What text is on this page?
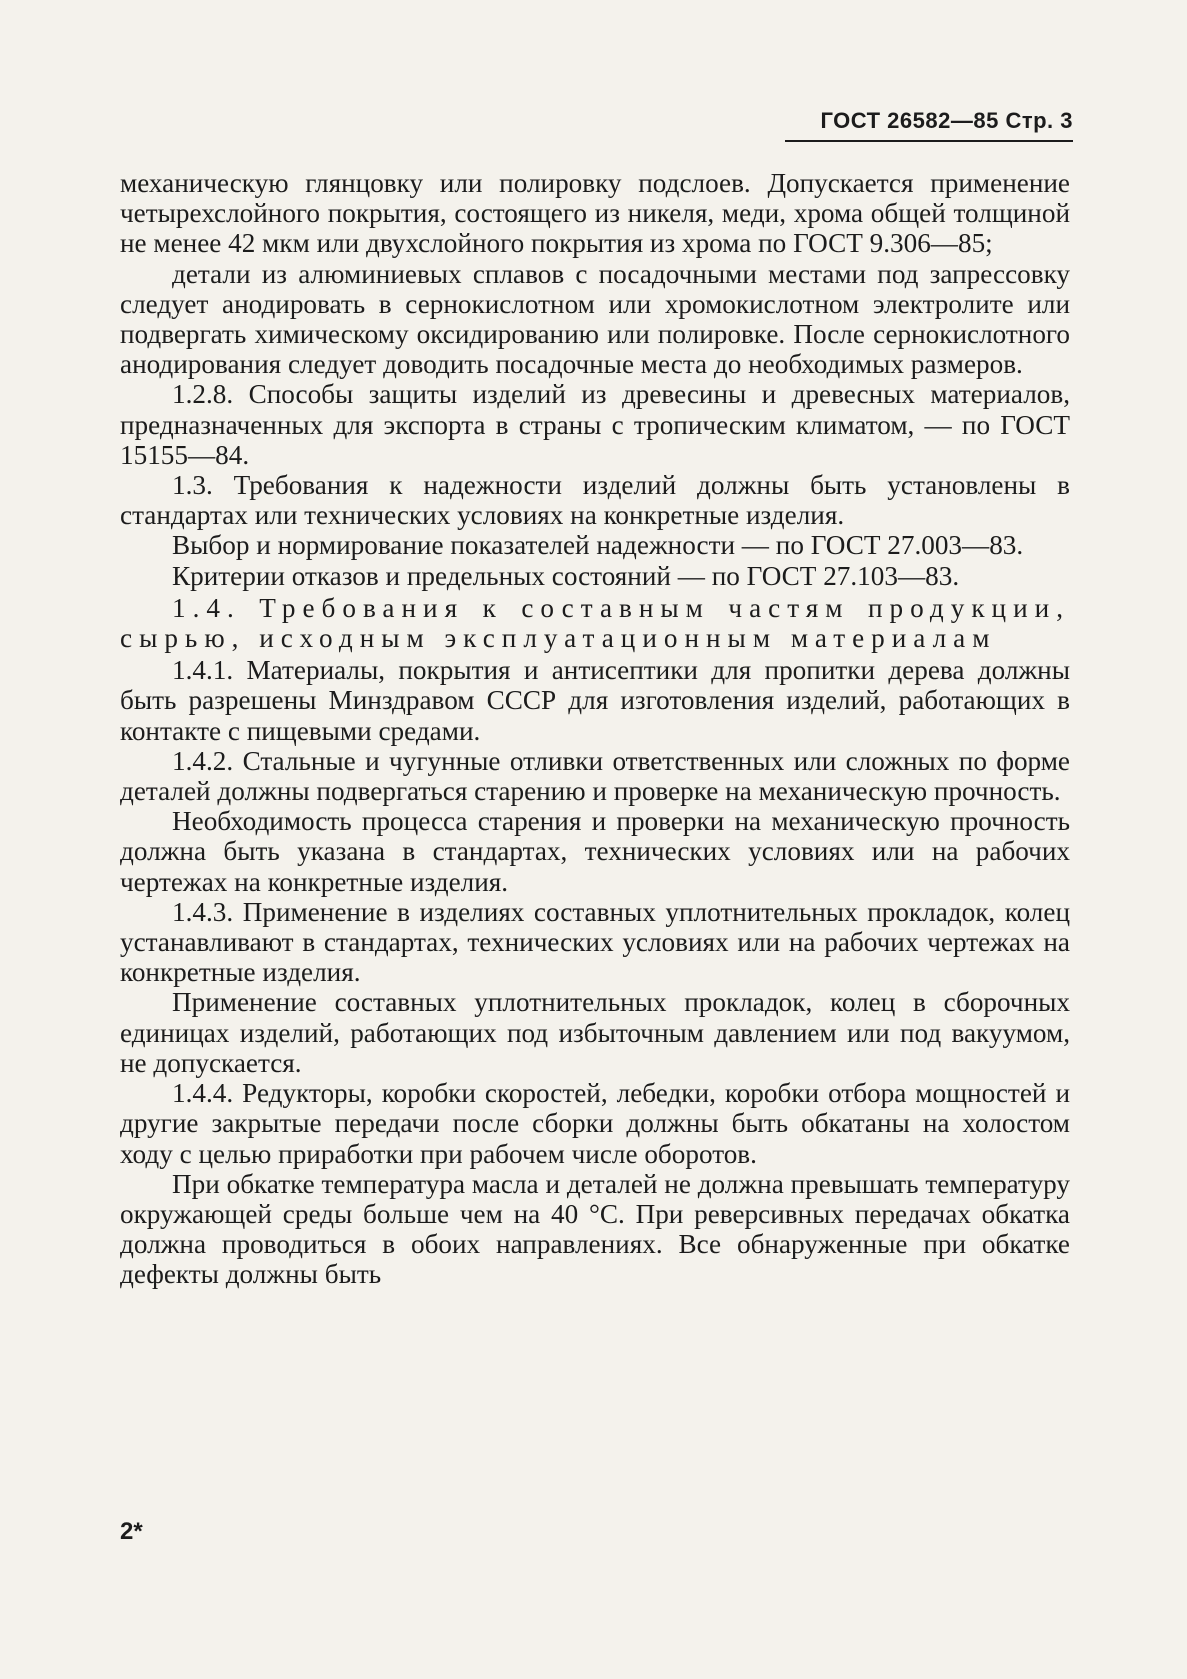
ГОСТ 26582—85 Стр. 3

механическую глянцовку или полировку подслоев. Допускается применение четырехслойного покрытия, состоящего из никеля, меди, хрома общей толщиной не менее 42 мкм или двухслойного покрытия из хрома по ГОСТ 9.306—85;

детали из алюминиевых сплавов с посадочными местами под запрессовку следует анодировать в сернокислотном или хромокислотном электролите или подвергать химическому оксидированию или полировке. После сернокислотного анодирования следует доводить посадочные места до необходимых размеров.

1.2.8. Способы защиты изделий из древесины и древесных материалов, предназначенных для экспорта в страны с тропическим климатом, — по ГОСТ 15155—84.

1.3. Требования к надежности изделий должны быть установлены в стандартах или технических условиях на конкретные изделия.

Выбор и нормирование показателей надежности — по ГОСТ 27.003—83.

Критерии отказов и предельных состояний — по ГОСТ 27.103—83.

1.4. Требования к составным частям продукции, сырью, исходным эксплуатационным материалам

1.4.1. Материалы, покрытия и антисептики для пропитки дерева должны быть разрешены Минздравом СССР для изготовления изделий, работающих в контакте с пищевыми средами.

1.4.2. Стальные и чугунные отливки ответственных или сложных по форме деталей должны подвергаться старению и проверке на механическую прочность.

Необходимость процесса старения и проверки на механическую прочность должна быть указана в стандартах, технических условиях или на рабочих чертежах на конкретные изделия.

1.4.3. Применение в изделиях составных уплотнительных прокладок, колец устанавливают в стандартах, технических условиях или на рабочих чертежах на конкретные изделия.

Применение составных уплотнительных прокладок, колец в сборочных единицах изделий, работающих под избыточным давлением или под вакуумом, не допускается.

1.4.4. Редукторы, коробки скоростей, лебедки, коробки отбора мощностей и другие закрытые передачи после сборки должны быть обкатаны на холостом ходу с целью приработки при рабочем числе оборотов.

При обкатке температура масла и деталей не должна превышать температуру окружающей среды больше чем на 40 °С. При реверсивных передачах обкатка должна проводиться в обоих направлениях. Все обнаруженные при обкатке дефекты должны быть

2*
